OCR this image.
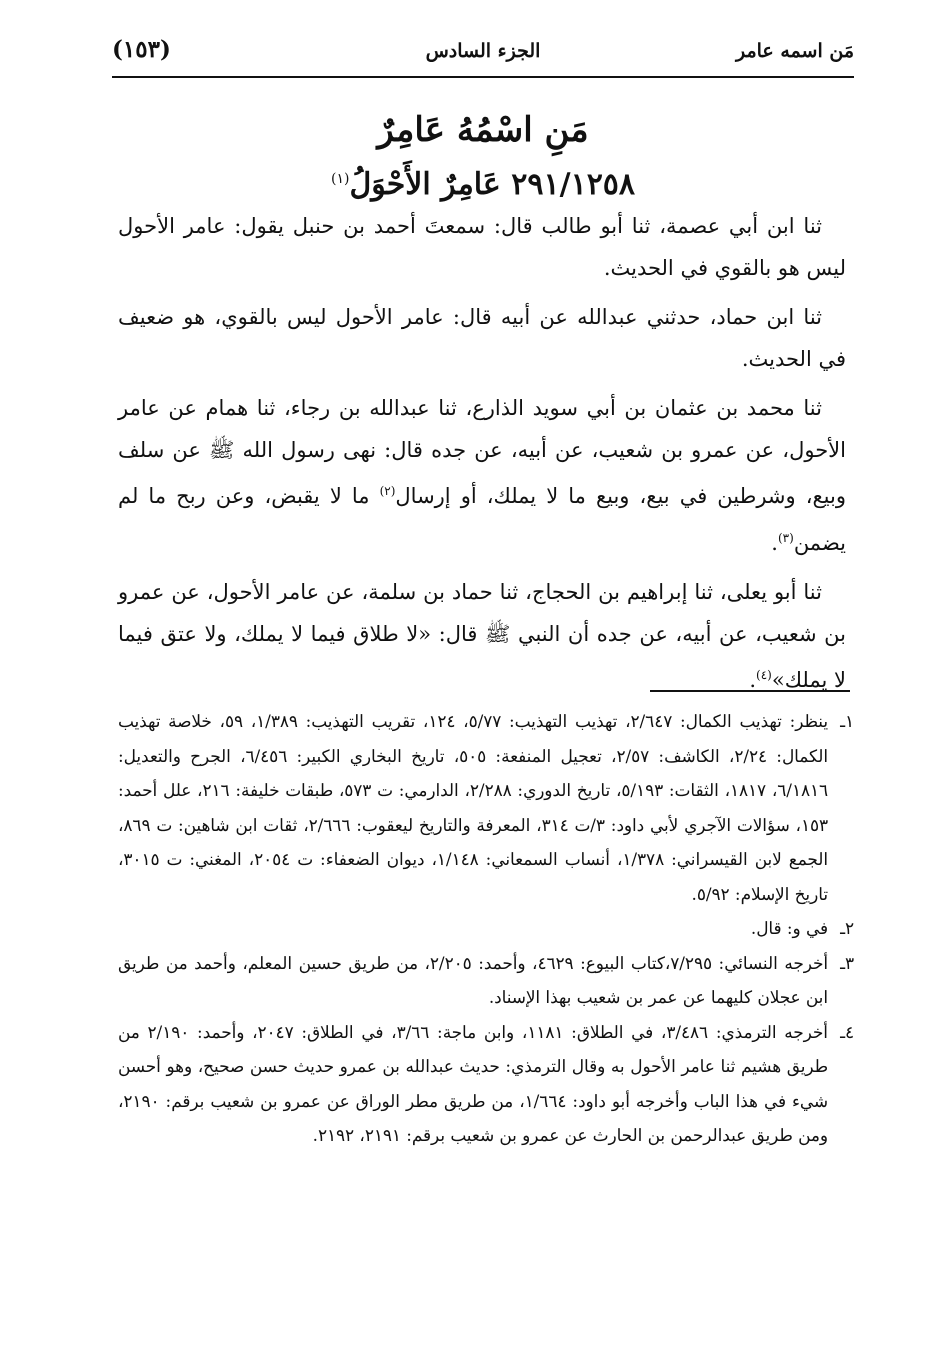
مَن اسمه عامر
الجزء السادس
(١٥٣)
مَنِ اسْمُهُ عَامِرٌ
٢٩١/١٢٥٨ عَامِرٌ الأَحْوَلُ$^{(١)}$

ثنا ابن أبي عصمة، ثنا أبو طالب قال: سمعتَ أحمد بن حنبل يقول: عامر الأحول ليس هو بالقوي في الحديث.

ثنا ابن حماد، حدثني عبدالله عن أبيه قال: عامر الأحول ليس بالقوي، هو ضعيف في الحديث.

ثنا محمد بن عثمان بن أبي سويد الذارع، ثنا عبدالله بن رجاء، ثنا همام عن عامر الأحول، عن عمرو بن شعيب، عن أبيه، عن جده قال: نهى رسول الله ﷺ عن سلف وبيع، وشرطين في بيع، وبيع ما لا يملك، أو إرسال$^{(٢)}$ ما لا يقبض، وعن ربح ما لم يضمن$^{(٣)}$.

ثنا أبو يعلى، ثنا إبراهيم بن الحجاج، ثنا حماد بن سلمة، عن عامر الأحول، عن عمرو بن شعيب، عن أبيه، عن جده أن النبي ﷺ قال: «لا طلاق فيما لا يملك، ولا عتق فيما لا يملك»$^{(٤)}$.

١ـ
ينظر: تهذيب الكمال: ٢/٦٤٧، تهذيب التهذيب: ٥/٧٧، ١٢٤، تقريب التهذيب: ١/٣٨٩، ٥٩، خلاصة تهذيب الكمال: ٢/٢٤، الكاشف: ٢/٥٧، تعجيل المنفعة: ٥٠٥، تاريخ البخاري الكبير: ٦/٤٥٦، الجرح والتعديل: ٦/١٨١٦، ١٨١٧، الثقات: ٥/١٩٣، تاريخ الدوري: ٢/٢٨٨، الدارمي: ت ٥٧٣، طبقات خليفة: ٢١٦، علل أحمد: ١٥٣، سؤالات الآجري لأبي داود: ٣/ت ٣١٤، المعرفة والتاريخ ليعقوب: ٢/٦٦٦، ثقات ابن شاهين: ت ٨٦٩، الجمع لابن القيسراني: ١/٣٧٨، أنساب السمعاني: ١/١٤٨، ديوان الضعفاء: ت ٢٠٥٤، المغني: ت ٣٠١٥، تاريخ الإسلام: ٥/٩٢.
٢ـ
في و: قال.
٣ـ
أخرجه النسائي: ٧/٢٩٥،كتاب البيوع: ٤٦٢٩، وأحمد: ٢/٢٠٥، من طريق حسين المعلم، وأحمد من طريق ابن عجلان كليهما عن عمر بن شعيب بهذا الإسناد.
٤ـ
أخرجه الترمذي: ٣/٤٨٦، في الطلاق: ١١٨١، وابن ماجة: ٣/٦٦، في الطلاق: ٢٠٤٧، وأحمد: ٢/١٩٠ من طريق هشيم ثنا عامر الأحول به وقال الترمذي: حديث عبدالله بن عمرو حديث حسن صحيح، وهو أحسن شيء في هذا الباب وأخرجه أبو داود: ١/٦٦٤، من طريق مطر الوراق عن عمرو بن شعيب برقم: ٢١٩٠، ومن طريق عبدالرحمن بن الحارث عن عمرو بن شعيب برقم: ٢١٩١، ٢١٩٢.
